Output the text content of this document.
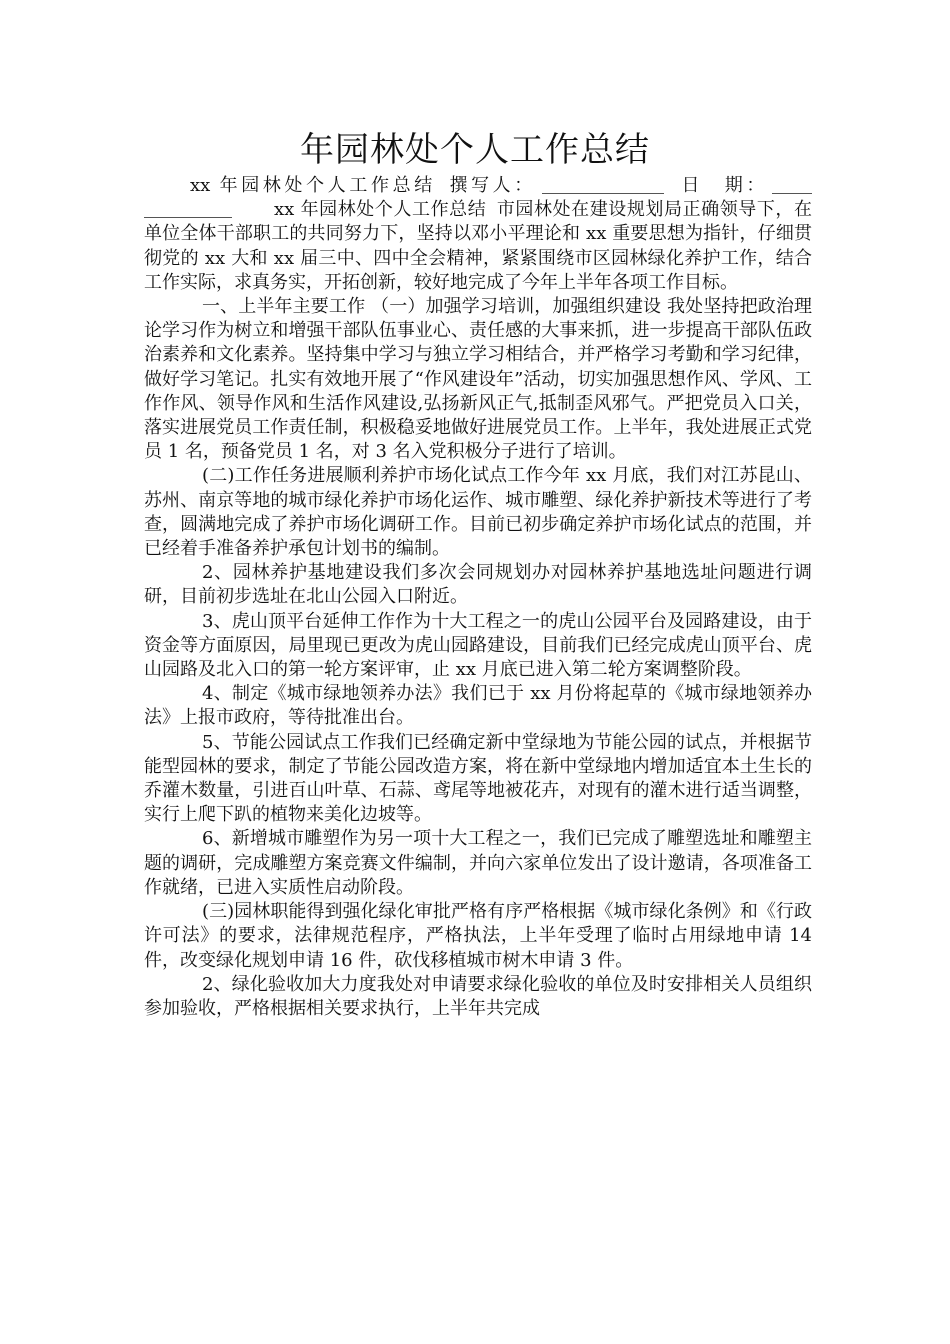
年园林处个人工作总结

xx 年园林处个人工作总结 撰写人：	日　期：xx 年园林处个人工作总结 市园林处在建设规划局正确领导下，在单位全体干部职工的共同努力下，坚持以邓小平理论和 xx 重要思想为指针，仔细贯彻党的 xx 大和 xx 届三中、四中全会精神，紧紧围绕市区园林绿化养护工作，结合工作实际，求真务实，开拓创新，较好地完成了今年上半年各项工作目标。

一、上半年主要工作 （一）加强学习培训，加强组织建设 我处坚持把政治理论学习作为树立和增强干部队伍事业心、责任感的大事来抓，进一步提高干部队伍政治素养和文化素养。坚持集中学习与独立学习相结合，并严格学习考勤和学习纪律，做好学习笔记。扎实有效地开展了“作风建设年”活动，切实加强思想作风、学风、工作作风、领导作风和生活作风建设,弘扬新风正气,抵制歪风邪气。严把党员入口关，落实进展党员工作责任制，积极稳妥地做好进展党员工作。上半年，我处进展正式党员 1 名，预备党员 1 名，对 3 名入党积极分子进行了培训。

(二)工作任务进展顺利养护市场化试点工作今年 xx 月底，我们对江苏昆山、苏州、南京等地的城市绿化养护市场化运作、城市雕塑、绿化养护新技术等进行了考查，圆满地完成了养护市场化调研工作。目前已初步确定养护市场化试点的范围，并已经着手准备养护承包计划书的编制。

2、园林养护基地建设我们多次会同规划办对园林养护基地选址问题进行调研，目前初步选址在北山公园入口附近。

3、虎山顶平台延伸工作作为十大工程之一的虎山公园平台及园路建设，由于资金等方面原因，局里现已更改为虎山园路建设，目前我们已经完成虎山顶平台、虎山园路及北入口的第一轮方案评审，止 xx 月底已进入第二轮方案调整阶段。

4、制定《城市绿地领养办法》我们已于 xx 月份将起草的《城市绿地领养办法》上报市政府，等待批准出台。

5、节能公园试点工作我们已经确定新中堂绿地为节能公园的试点，并根据节能型园林的要求，制定了节能公园改造方案，将在新中堂绿地内增加适宜本土生长的乔灌木数量，引进百山叶草、石蒜、鸢尾等地被花卉，对现有的灌木进行适当调整，实行上爬下趴的植物来美化边坡等。

6、新增城市雕塑作为另一项十大工程之一，我们已完成了雕塑选址和雕塑主题的调研，完成雕塑方案竞赛文件编制，并向六家单位发出了设计邀请，各项准备工作就绪，已进入实质性启动阶段。

(三)园林职能得到强化绿化审批严格有序严格根据《城市绿化条例》和《行政许可法》的要求，法律规范程序，严格执法，上半年受理了临时占用绿地申请 14 件，改变绿化规划申请 16 件，砍伐移植城市树木申请 3 件。

2、绿化验收加大力度我处对申请要求绿化验收的单位及时安排相关人员组织参加验收，严格根据相关要求执行，上半年共完成
